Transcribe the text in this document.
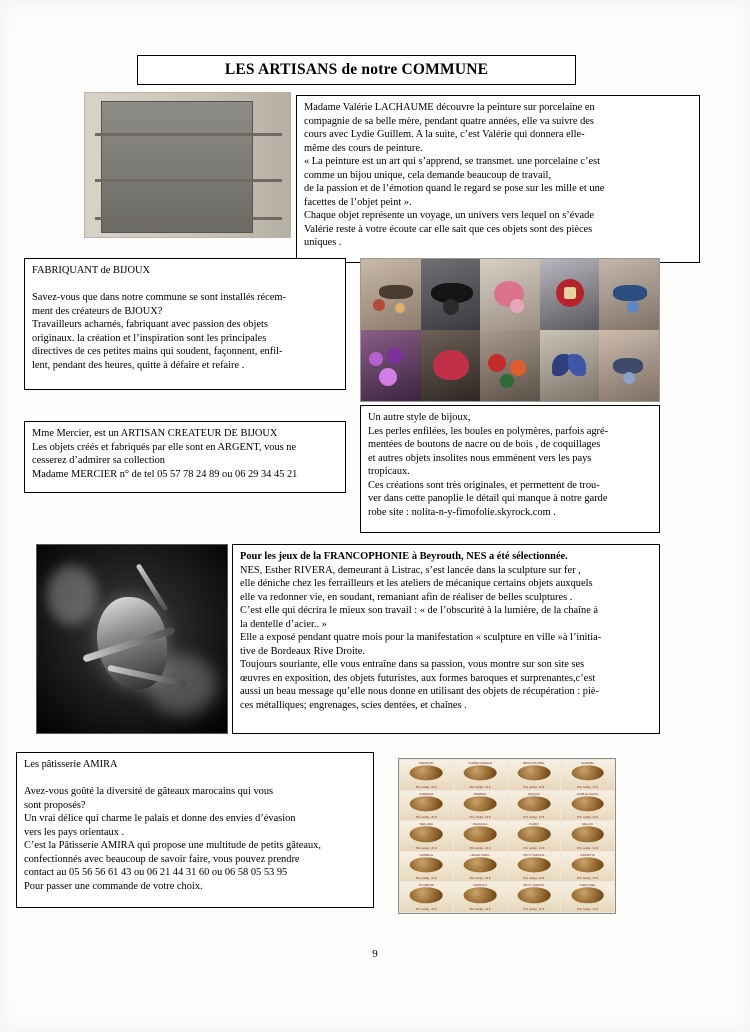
LES ARTISANS de notre COMMUNE

Madame Valérie LACHAUME découvre la peinture sur porcelaine en

compagnie de sa belle mère, pendant quatre années, elle va suivre des

cours avec Lydie Guillem. A la suite, c’est Valérie qui donnera elle-

même des cours de peinture.

« La peinture est un art qui s’apprend, se transmet. une porcelaine c’est

comme un bijou unique, cela demande beaucoup de travail,

de la passion et de l’émotion quand le regard se pose sur les mille et une

facettes de l’objet peint ».

Chaque objet représente un voyage, un univers vers lequel on s’évade

Valérie reste à votre écoute car elle sait que ces objets sont des pièces

uniques .

FABRIQUANT de BIJOUX

Savez-vous que dans notre commune se sont installés récem-

ment des créateurs de BJOUX?

Travailleurs acharnés, fabriquant avec passion des objets

originaux. la création et l’inspiration sont les principales

directives de ces petites mains qui soudent, façonnent, enfil-

lent, pendant des heures, quitte à défaire et refaire .

Un autre style de bijoux,

Les perles enfilées, les boules en polymères, parfois agré-

mentées de boutons de nacre ou de bois , de coquillages

et autres objets insolites nous emmènent vers les pays

tropicaux.

Ces créations sont très originales, et permettent de trou-

ver dans cette panoplie le détail qui manque à notre garde

robe site : nolita-n-y-fimofolie.skyrock.com .

Mme Mercier, est un ARTISAN CREATEUR DE BIJOUX

Les objets créés et fabriqués par elle sont en ARGENT, vous ne

cesserez d’admirer sa collection

Madame MERCIER n° de tel 05 57 78 24 89 ou 06 29 34 45 21

Pour les jeux de la FRANCOPHONIE à Beyrouth, NES a été sélectionnée.

NES, Esther RIVERA, demeurant à Listrac, s’est lancée dans la sculpture sur fer ,

elle déniche chez les ferrailleurs et les ateliers de mécanique certains objets auxquels

elle va redonner vie, en soudant, remaniant afin de réaliser de belles sculptures .

C’est elle qui décrira le mieux son travail : « de l’obscurité à la lumière, de la chaîne à

la dentelle d’acier.. »

Elle a exposé pendant quatre mois pour la manifestation « sculpture en ville »à l’initia-

tive de Bordeaux Rive Droite.

Toujours souriante, elle vous entraîne dans sa passion, vous montre sur son site ses

œuvres en exposition, des objets futuristes, aux formes baroques et surprenantes,c’est

aussi un beau message qu’elle nous donne en utilisant des objets de récupération : piè-

ces métalliques; engrenages, scies dentées, et chaînes .

Les pâtisserie AMIRA

Avez-vous goûté la diversité de gâteaux marocains qui vous

sont proposés?

Un vrai délice qui charme le palais et donne des envies d’évasion

vers les pays orientaux .

C’est la Pâtisserie AMIRA qui propose une multitude de petits gâteaux,

confectionnés avec beaucoup de savoir faire, vous pouvez prendre

contact au 05 56 56 61 43 ou 06 21 44 31 60 ou 06 58 05 53 95

Pour passer une commande de votre choix.

MAKROUD
Prix net/kg : 21 €
CORNE GAZELLE
Prix net/kg : 21 €
BRIOUATE MIEL
Prix net/kg : 21 €
GHORIBA
Prix net/kg : 21 €
CHEBAKIA
Prix net/kg : 21 €
MSEMEN
Prix net/kg : 21 €
FEQQAS
Prix net/kg : 21 €
KAAB EL GHZAL
Prix net/kg : 21 €
BAKLAWA
Prix net/kg : 21 €
MHANCHA
Prix net/kg : 21 €
ZLABIA
Prix net/kg : 21 €
SELLOU
Prix net/kg : 21 €
GRIWECH
Prix net/kg : 21 €
HALWA TABAA
Prix net/kg : 21 €
PETIT CHBAKIA
Prix net/kg : 21 €
DZIRIETTE
Prix net/kg : 21 €
RICHBOND
Prix net/kg : 21 €
MAKROUT
Prix net/kg : 21 €
PETIT CHBAKIA
Prix net/kg : 21 €
SABLE MIEL
Prix net/kg : 21 €
9
